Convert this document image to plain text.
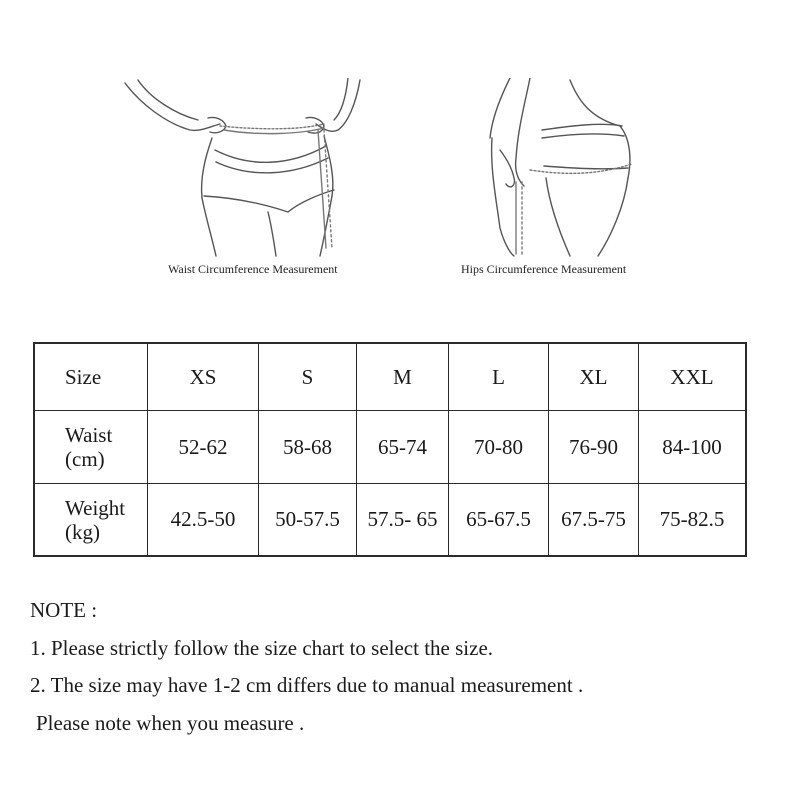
Waist Circumference Measurement	Hips Circumference Measurement
Size	XS	S	M	L	XL	XXL

Waist
(cm)	52-62	58-68	65-74	70-80	76-90	84-100

Weight
(kg)	42.5-50	50-57.5	57.5- 65	65-67.5	67.5-75	75-82.5
NOTE :
1. Please strictly follow the size chart to select the size.
2. The size may have 1-2 cm differs due to manual measurement .
Please note when you measure .
